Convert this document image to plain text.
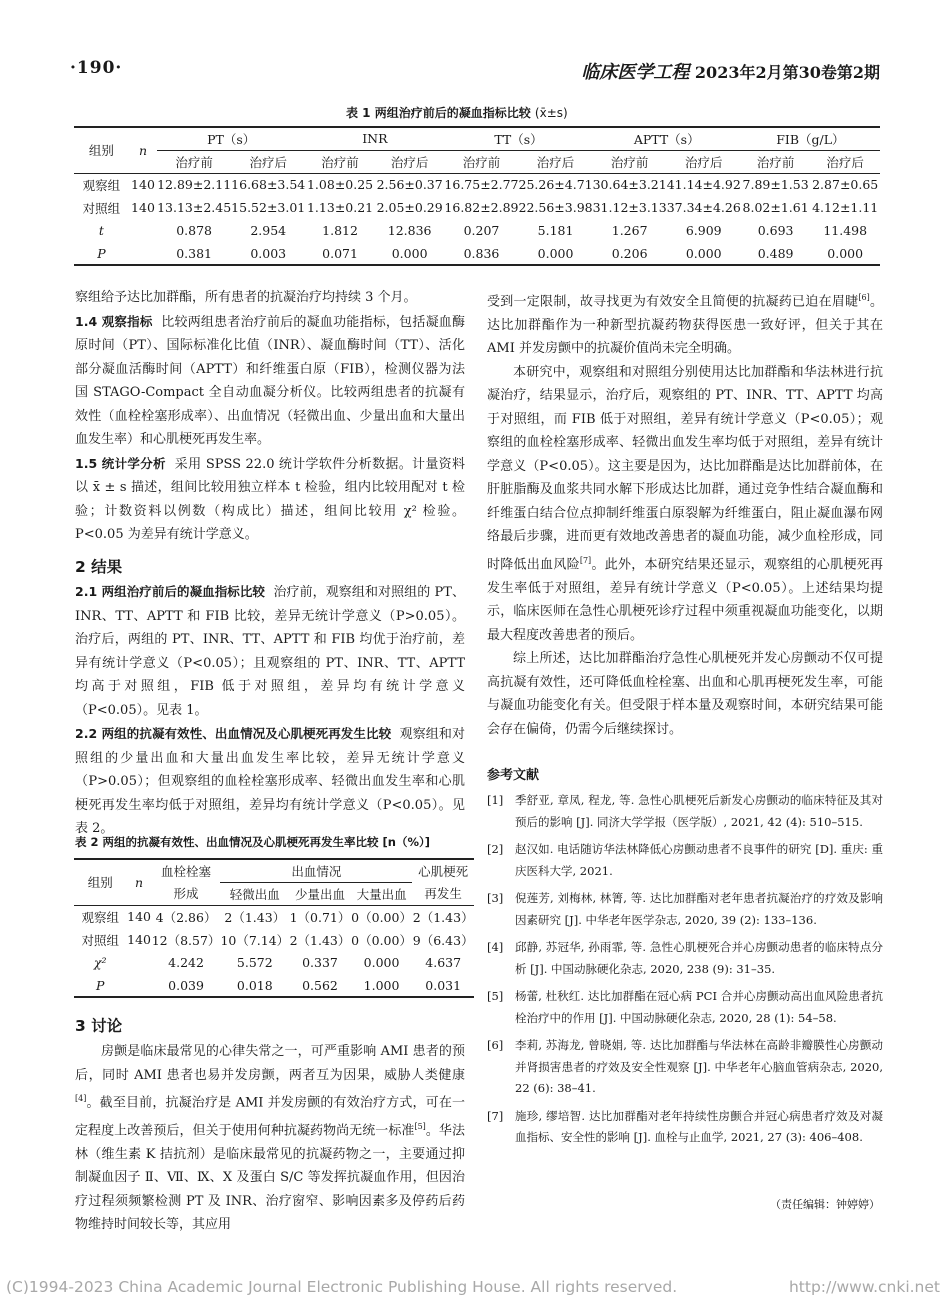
·190·	临床医学工程 2023年2月第30卷第2期
表 1 两组治疗前后的凝血指标比较 (x̄±s)
组别	n	PT（s）		INR		TT（s）		APTT（s）		FIB（g/L）	
		治疗前	治疗后	治疗前	治疗后	治疗前	治疗后	治疗前	治疗后	治疗前	治疗后
观察组	140	12.89±2.11	16.68±3.54	1.08±0.25	2.56±0.37	16.75±2.77	25.26±4.71	30.64±3.21	41.14±4.92	7.89±1.53	2.87±0.65
对照组	140	13.13±2.45	15.52±3.01	1.13±0.21	2.05±0.29	16.82±2.89	22.56±3.98	31.12±3.13	37.34±4.26	8.02±1.61	4.12±1.11
t		0.878	2.954	1.812	12.836	0.207	5.181	1.267	6.909	0.693	11.498
P		0.381	0.003	0.071	0.000	0.836	0.000	0.206	0.000	0.489	0.000

察组给予达比加群酯，所有患者的抗凝治疗均持续 3 个月。

1.4 观察指标 比较两组患者治疗前后的凝血功能指标，包括凝血酶原时间（PT）、国际标准化比值（INR）、凝血酶时间（TT）、活化部分凝血活酶时间（APTT）和纤维蛋白原（FIB），检测仪器为法国 STAGO-Compact 全自动血凝分析仪。比较两组患者的抗凝有效性（血栓栓塞形成率）、出血情况（轻微出血、少量出血和大量出血发生率）和心肌梗死再发生率。

1.5 统计学分析 采用 SPSS 22.0 统计学软件分析数据。计量资料以 x̄ ± s 描述，组间比较用独立样本 t 检验，组内比较用配对 t 检验；计数资料以例数（构成比）描述，组间比较用 χ² 检验。P<0.05 为差异有统计学意义。

2 结果

2.1 两组治疗前后的凝血指标比较 治疗前，观察组和对照组的 PT、INR、TT、APTT 和 FIB 比较，差异无统计学意义（P>0.05）。治疗后，两组的 PT、INR、TT、APTT 和 FIB 均优于治疗前，差异有统计学意义（P<0.05）；且观察组的 PT、INR、TT、APTT 均高于对照组，FIB 低于对照组，差异均有统计学意义（P<0.05）。见表 1。

2.2 两组的抗凝有效性、出血情况及心肌梗死再发生比较 观察组和对照组的少量出血和大量出血发生率比较，差异无统计学意义（P>0.05）；但观察组的血栓栓塞形成率、轻微出血发生率和心肌梗死再发生率均低于对照组，差异均有统计学意义（P<0.05）。见表 2。

表 2 两组的抗凝有效性、出血情况及心肌梗死再发生率比较 [n（%）]
组别	n	血栓栓塞	出血情况			心肌梗死
		形成	轻微出血	少量出血	大量出血	再发生
观察组	140	4（2.86）	2（1.43）	1（0.71）	0（0.00）	2（1.43）
对照组	140	12（8.57）	10（7.14）	2（1.43）	0（0.00）	9（6.43）
χ²		4.242	5.572	0.337	0.000	4.637
P		0.039	0.018	0.562	1.000	0.031
3 讨论

房颤是临床最常见的心律失常之一，可严重影响 AMI 患者的预后，同时 AMI 患者也易并发房颤，两者互为因果，威胁人类健康[4]。截至目前，抗凝治疗是 AMI 并发房颤的有效治疗方式，可在一定程度上改善预后，但关于使用何种抗凝药物尚无统一标准[5]。华法林（维生素 K 拮抗剂）是临床最常见的抗凝药物之一，主要通过抑制凝血因子 Ⅱ、Ⅶ、Ⅸ、Ⅹ 及蛋白 S/C 等发挥抗凝血作用，但因治疗过程须频繁检测 PT 及 INR、治疗窗窄、影响因素多及停药后药物维持时间较长等，其应用

受到一定限制，故寻找更为有效安全且简便的抗凝药已迫在眉睫[6]。达比加群酯作为一种新型抗凝药物获得医患一致好评，但关于其在 AMI 并发房颤中的抗凝价值尚未完全明确。

本研究中，观察组和对照组分别使用达比加群酯和华法林进行抗凝治疗，结果显示，治疗后，观察组的 PT、INR、TT、APTT 均高于对照组，而 FIB 低于对照组，差异有统计学意义（P<0.05）；观察组的血栓栓塞形成率、轻微出血发生率均低于对照组，差异有统计学意义（P<0.05）。这主要是因为，达比加群酯是达比加群前体，在肝脏脂酶及血浆共同水解下形成达比加群，通过竞争性结合凝血酶和纤维蛋白结合位点抑制纤维蛋白原裂解为纤维蛋白，阻止凝血瀑布网络最后步骤，进而更有效地改善患者的凝血功能，减少血栓形成，同时降低出血风险[7]。此外，本研究结果还显示，观察组的心肌梗死再发生率低于对照组，差异有统计学意义（P<0.05）。上述结果均提示，临床医师在急性心肌梗死诊疗过程中须重视凝血功能变化，以期最大程度改善患者的预后。

综上所述，达比加群酯治疗急性心肌梗死并发心房颤动不仅可提高抗凝有效性，还可降低血栓栓塞、出血和心肌再梗死发生率，可能与凝血功能变化有关。但受限于样本量及观察时间，本研究结果可能会存在偏倚，仍需今后继续探讨。

参考文献
[1]	季舒亚, 章凤, 程龙, 等. 急性心肌梗死后新发心房颤动的临床特征及其对预后的影响 [J]. 同济大学学报（医学版）, 2021, 42 (4): 510–515.
[2]	赵汉如. 电话随访华法林降低心房颤动患者不良事件的研究 [D]. 重庆: 重庆医科大学, 2021.
[3]	倪莲芳, 刘梅林, 林箐, 等. 达比加群酯对老年患者抗凝治疗的疗效及影响因素研究 [J]. 中华老年医学杂志, 2020, 39 (2): 133–136.
[4]	邱静, 苏冠华, 孙雨霏, 等. 急性心肌梗死合并心房颤动患者的临床特点分析 [J]. 中国动脉硬化杂志, 2020, 238 (9): 31–35.
[5]	杨蕾, 杜秋红. 达比加群酯在冠心病 PCI 合并心房颤动高出血风险患者抗栓治疗中的作用 [J]. 中国动脉硬化杂志, 2020, 28 (1): 54–58.
[6]	李莉, 苏海龙, 曾晓娟, 等. 达比加群酯与华法林在高龄非瓣膜性心房颤动并肾损害患者的疗效及安全性观察 [J]. 中华老年心脑血管病杂志, 2020, 22 (6): 38–41.
[7]	施珍, 缪培智. 达比加群酯对老年持续性房颤合并冠心病患者疗效及对凝血指标、安全性的影响 [J]. 血栓与止血学, 2021, 27 (3): 406–408.
（责任编辑：钟婷婷）
(C)1994-2023 China Academic Journal Electronic Publishing House. All rights reserved.	http://www.cnki.net
